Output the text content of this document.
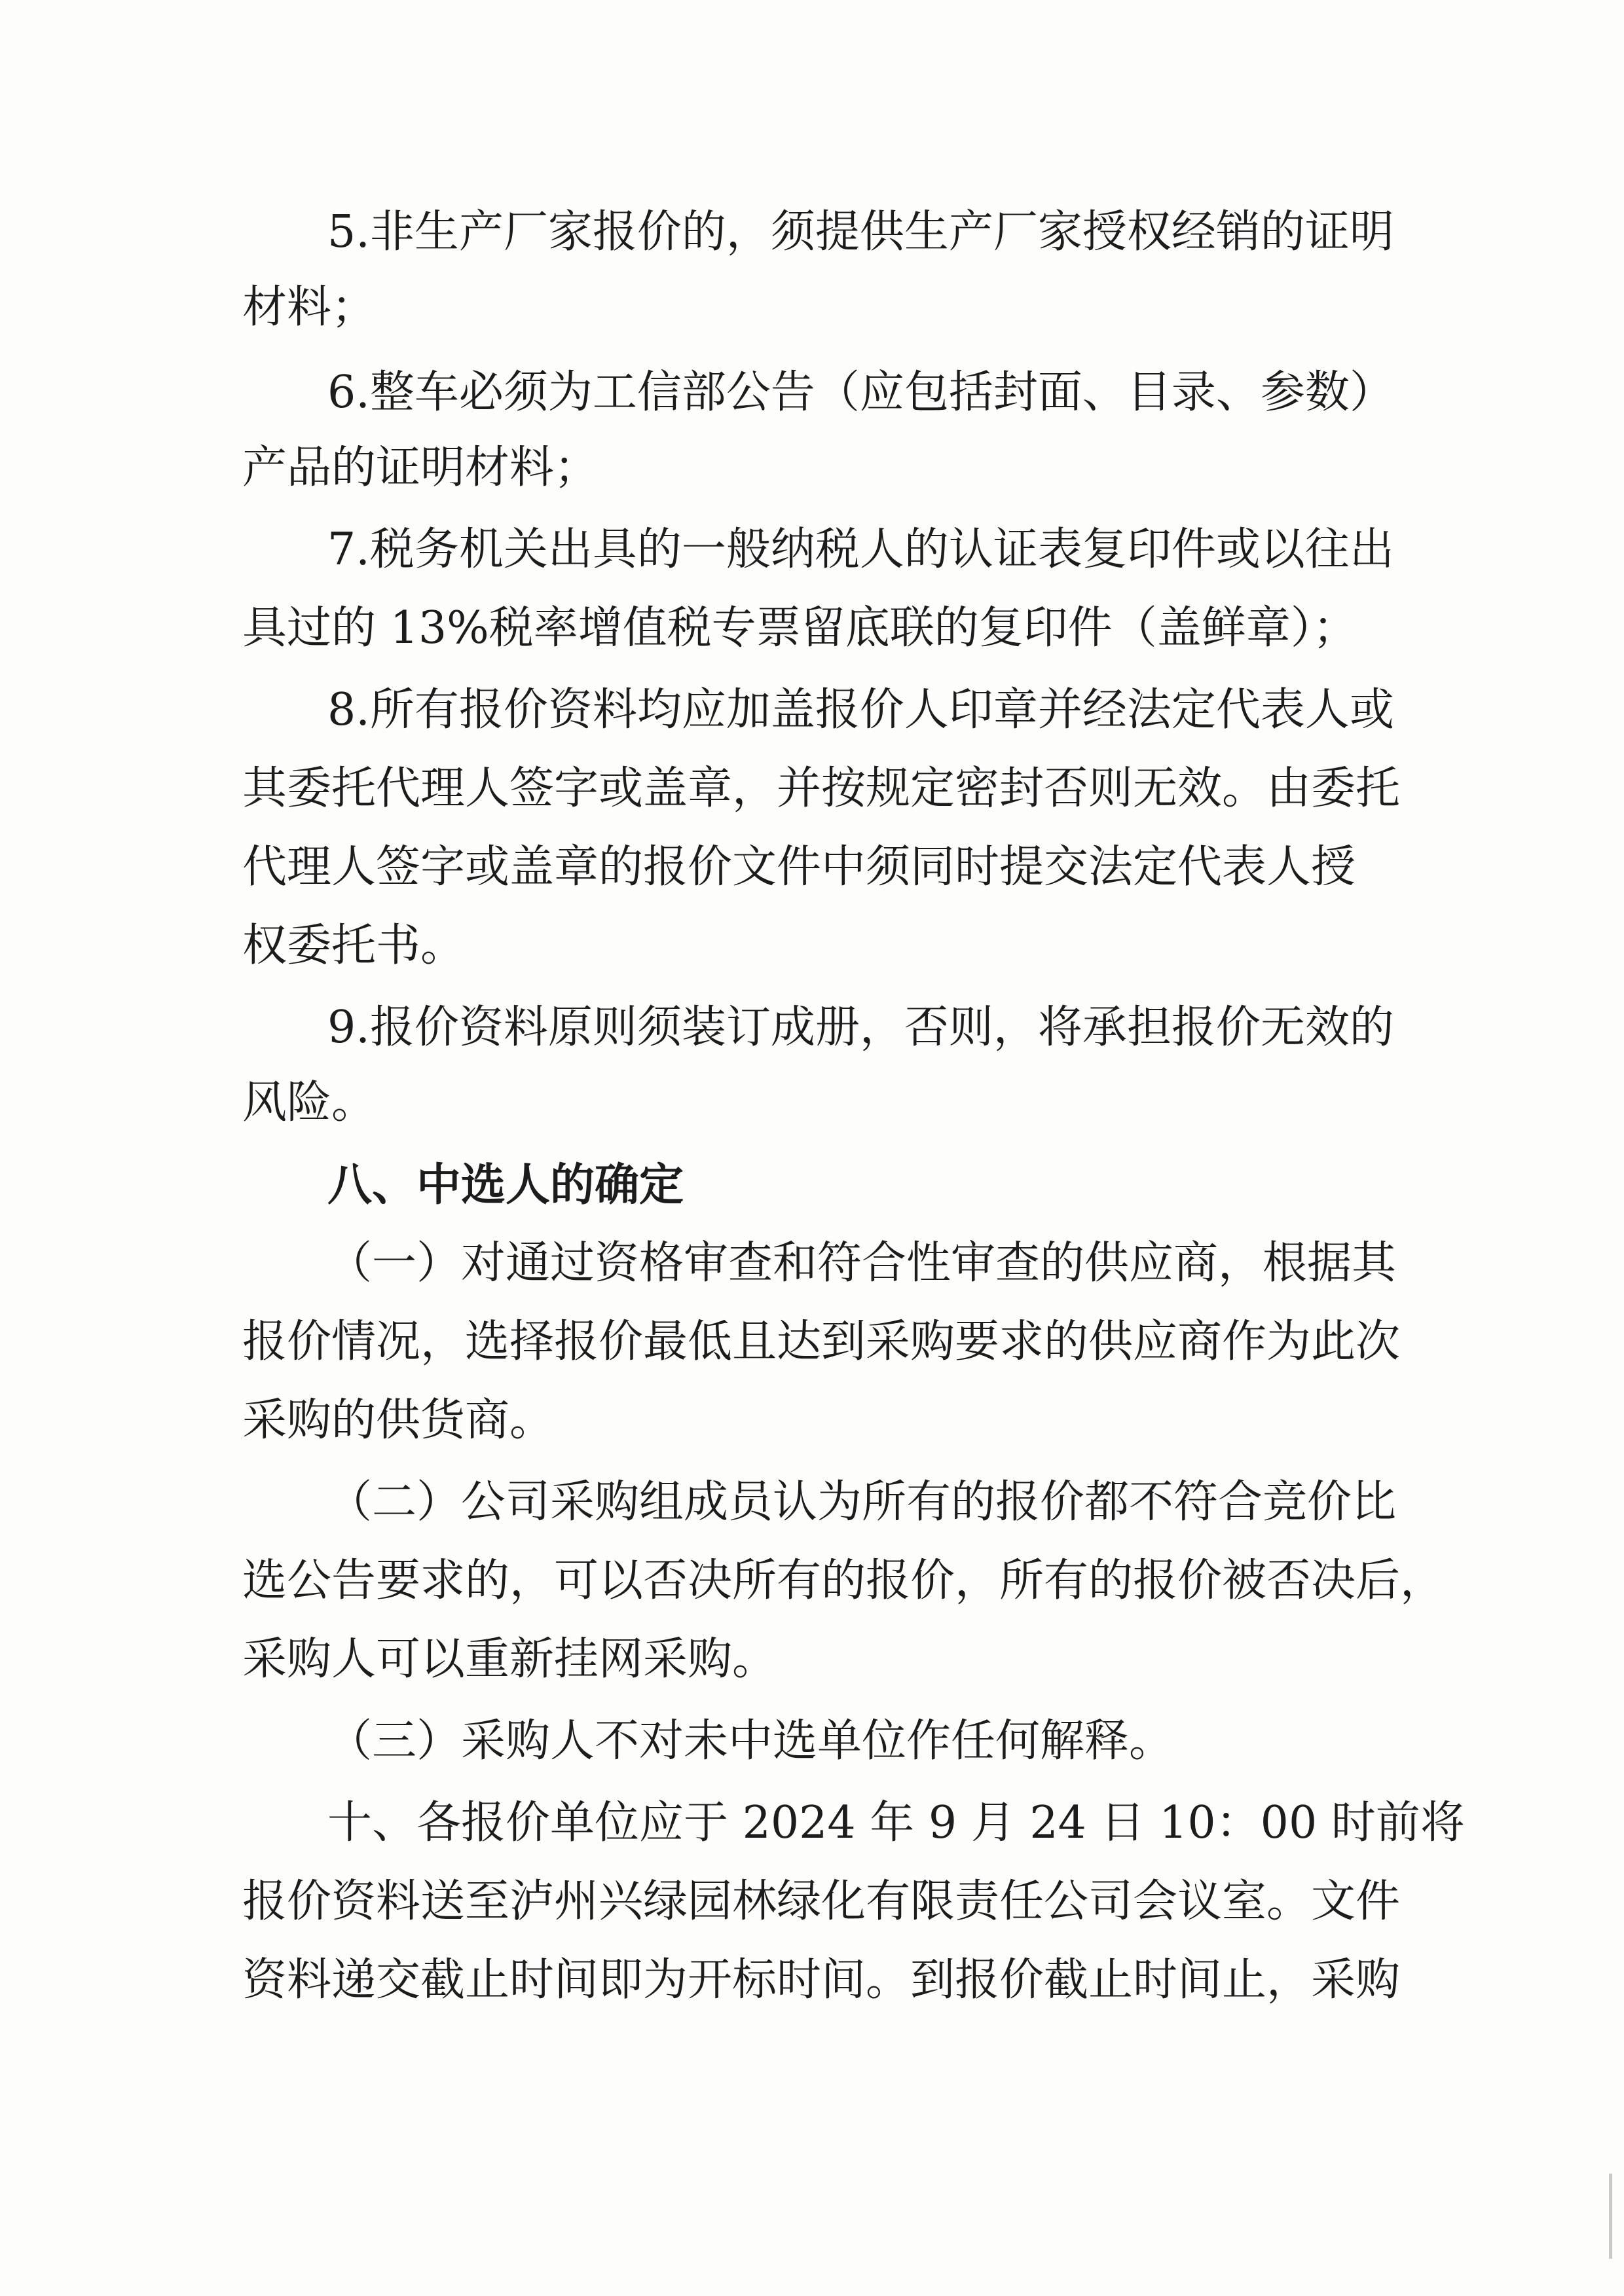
5.非生产厂家报价的，须提供生产厂家授权经销的证明
材料；
6.整车必须为工信部公告（应包括封面、目录、参数）
产品的证明材料；
7.税务机关出具的一般纳税人的认证表复印件或以往出
具过的 13%税率增值税专票留底联的复印件（盖鲜章）；
8.所有报价资料均应加盖报价人印章并经法定代表人或
其委托代理人签字或盖章，并按规定密封否则无效。由委托
代理人签字或盖章的报价文件中须同时提交法定代表人授
权委托书。
9.报价资料原则须装订成册，否则，将承担报价无效的
风险。
八、中选人的确定
（一）对通过资格审查和符合性审查的供应商，根据其
报价情况，选择报价最低且达到采购要求的供应商作为此次
采购的供货商。
（二）公司采购组成员认为所有的报价都不符合竞价比
选公告要求的，可以否决所有的报价，所有的报价被否决后，
采购人可以重新挂网采购。
（三）采购人不对未中选单位作任何解释。
十、各报价单位应于 2024 年 9 月 24 日 10：00 时前将
报价资料送至泸州兴绿园林绿化有限责任公司会议室。文件
资料递交截止时间即为开标时间。到报价截止时间止，采购
